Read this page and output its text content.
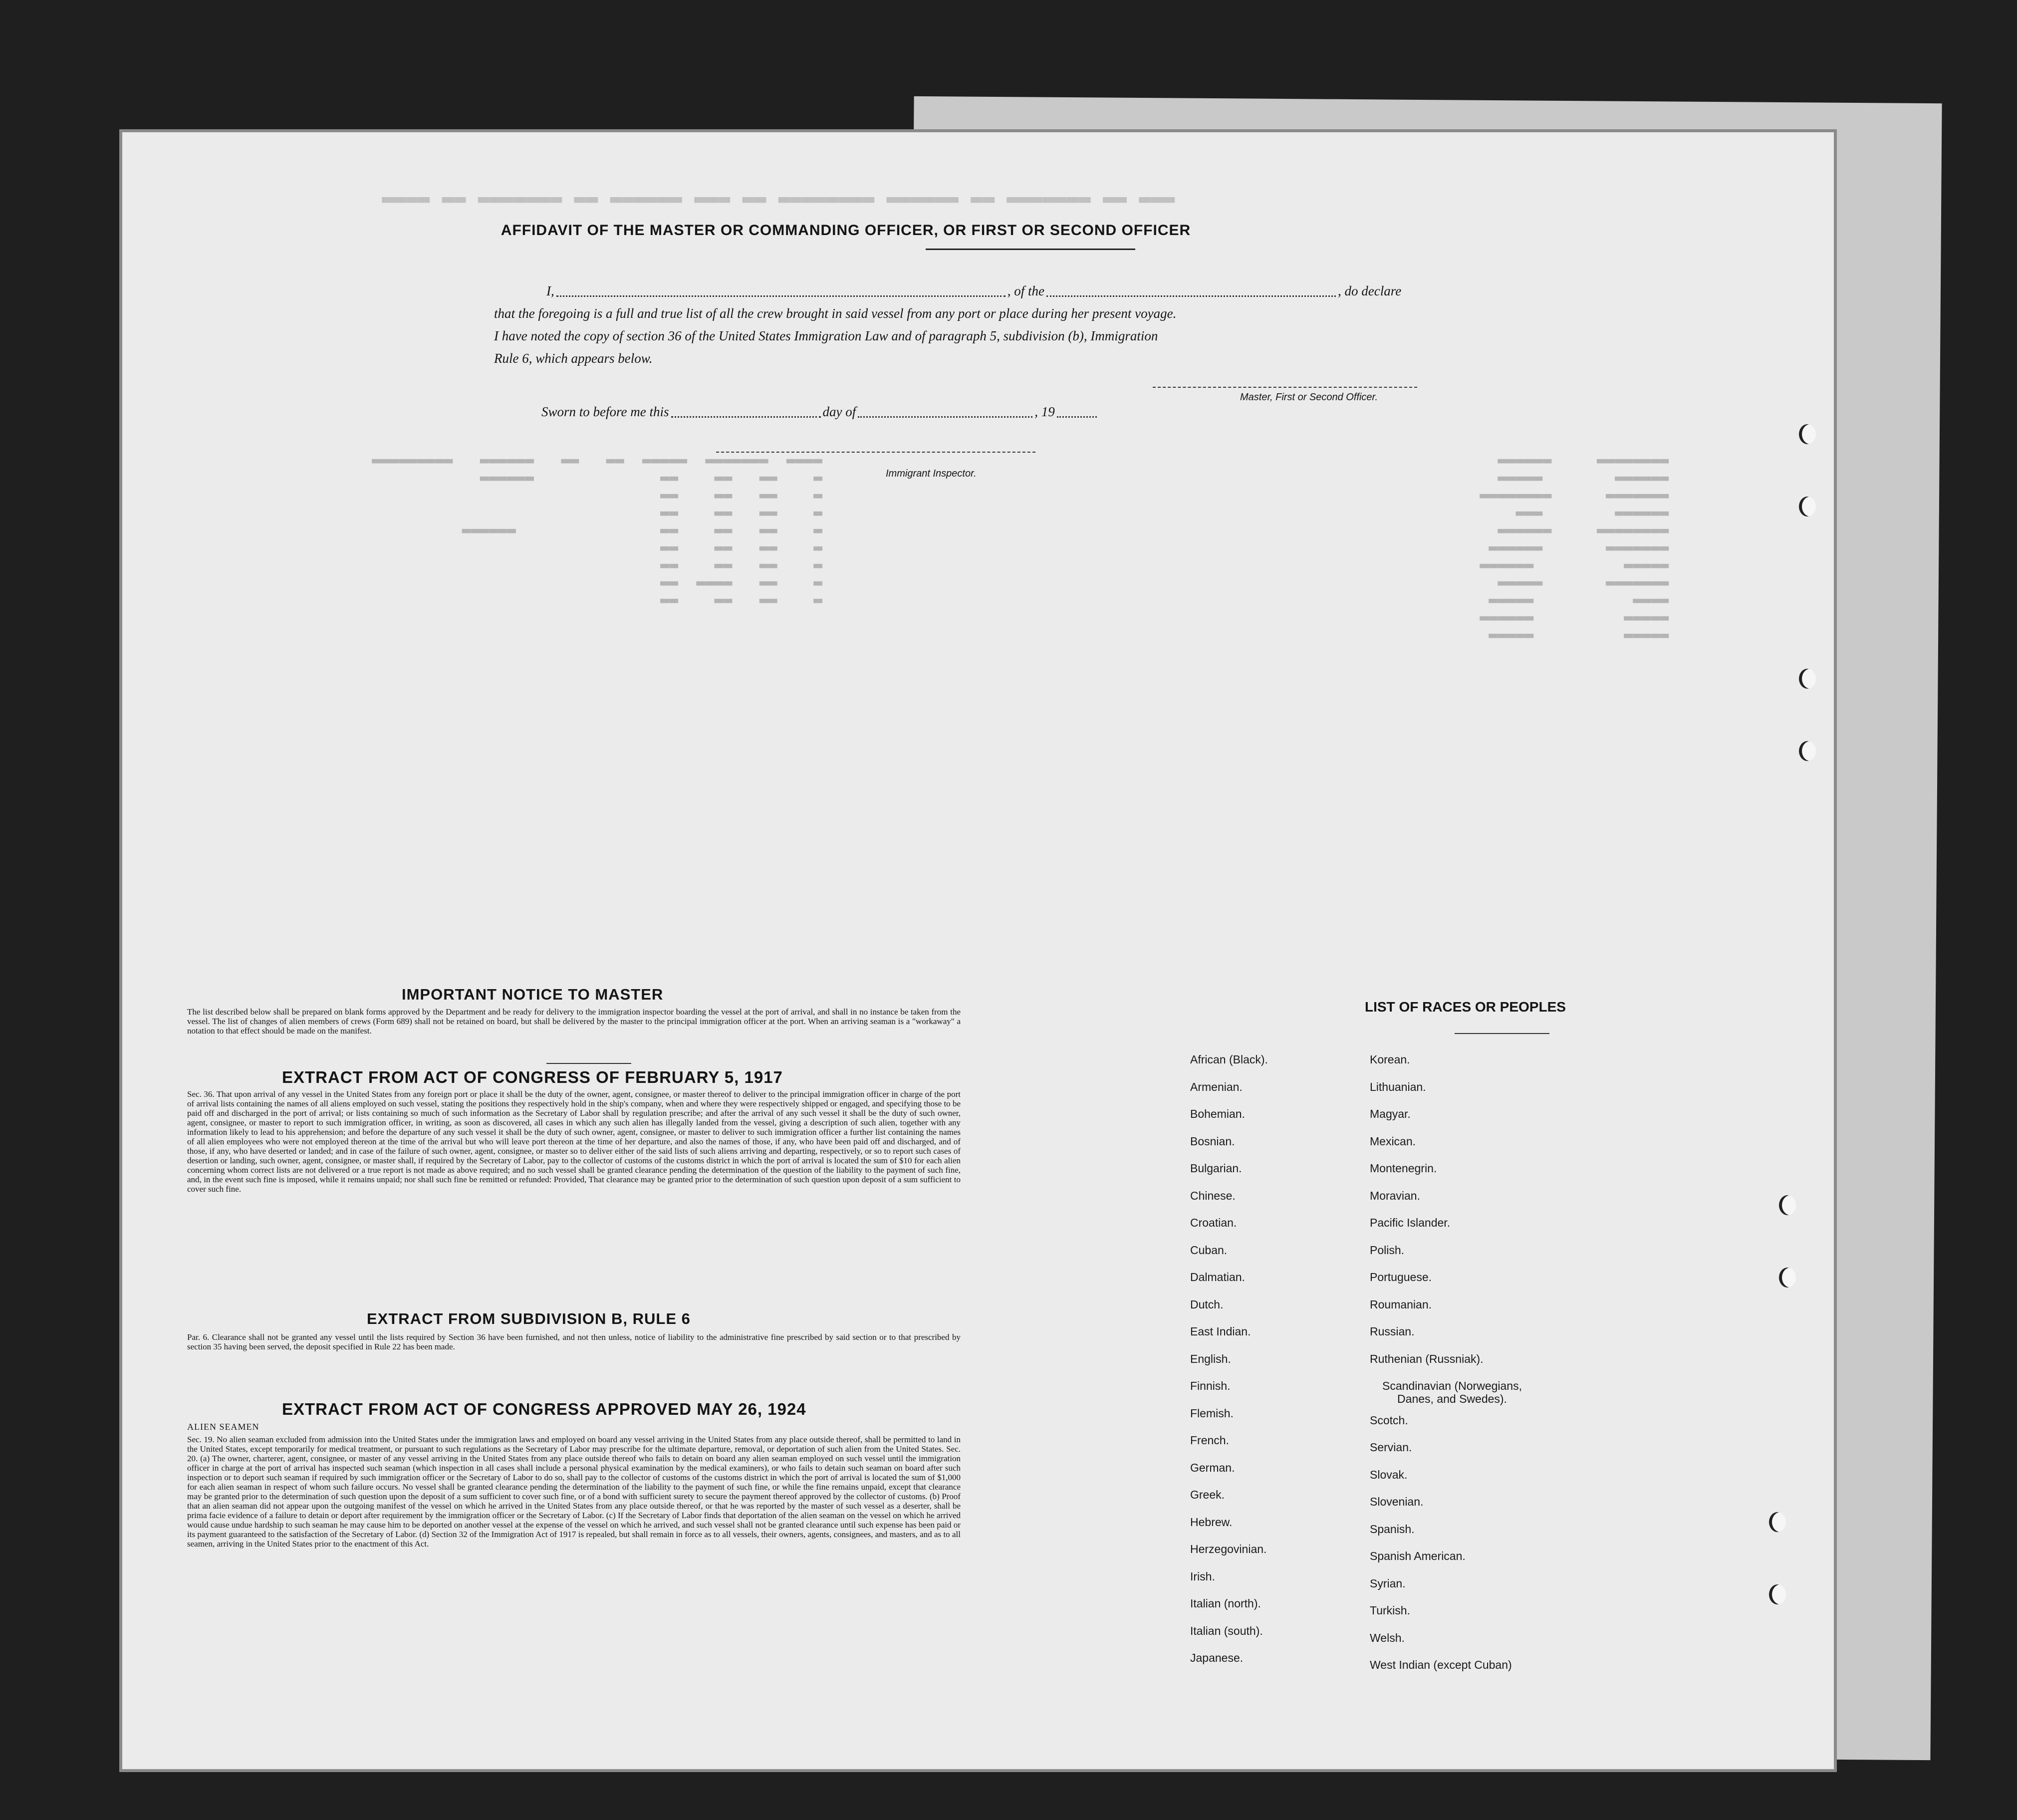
▬▬▬ ▬▬ ▬▬▬▬▬▬▬ ▬▬ ▬▬▬▬▬▬ ▬▬▬▬▬▬▬▬ ▬▬ ▬▬▬ ▬▬▬▬▬▬ ▬▬ ▬▬▬▬▬▬▬ ▬▬ ▬▬▬▬
▬▬▬▬  ▬▬▬▬▬▬▬  ▬▬▬▬▬  ▬▬   ▬▬   ▬▬▬▬▬▬   ▬▬▬▬▬▬▬▬▬
▬    ▬▬   ▬▬    ▬▬              ▬▬▬▬▬▬
▬    ▬▬   ▬▬    ▬▬
▬    ▬▬   ▬▬    ▬▬
▬    ▬▬   ▬▬    ▬▬                ▬▬▬▬▬▬
▬    ▬▬   ▬▬    ▬▬
▬    ▬▬   ▬▬    ▬▬
▬    ▬▬   ▬▬▬▬  ▬▬
▬    ▬▬   ▬▬    ▬▬
▬▬▬▬▬▬▬▬     ▬▬▬▬▬▬
▬▬▬▬▬▬        ▬▬▬▬▬
▬▬▬▬▬▬▬      ▬▬▬▬▬▬▬▬
▬▬▬▬▬▬        ▬▬▬
▬▬▬▬▬▬▬▬     ▬▬▬▬▬▬
▬▬▬▬▬▬▬       ▬▬▬▬▬▬
▬▬▬▬▬          ▬▬▬▬▬▬
▬▬▬▬▬▬▬       ▬▬▬▬▬
▬▬▬▬           ▬▬▬▬▬
▬▬▬▬▬          ▬▬▬▬▬▬
▬▬▬▬▬          ▬▬▬▬▬
AFFIDAVIT OF THE MASTER OR COMMANDING OFFICER, OR FIRST OR SECOND OFFICER
I,	, of the	, do declare
that the foregoing is a full and true list of all the crew brought in said vessel from any port or place during her present voyage.
I have noted the copy of section 36 of the United States Immigration Law and of paragraph 5, subdivision (b), Immigration
Rule 6, which appears below.
Master, First or Second Officer.
Sworn to before me this	day of	, 19
Immigrant Inspector.
IMPORTANT NOTICE TO MASTER
The list described below shall be prepared on blank forms approved by the Department and be ready for delivery to the immigration inspector boarding the vessel at the port of arrival, and shall in no instance be taken from the vessel. The list of changes of alien members of crews (Form 689) shall not be retained on board, but shall be delivered by the master to the principal immigration officer at the port. When an arriving seaman is a "workaway" a notation to that effect should be made on the manifest.
EXTRACT FROM ACT OF CONGRESS OF FEBRUARY 5, 1917
Sec. 36. That upon arrival of any vessel in the United States from any foreign port or place it shall be the duty of the owner, agent, consignee, or master thereof to deliver to the principal immigration officer in charge of the port of arrival lists containing the names of all aliens employed on such vessel, stating the positions they respectively hold in the ship's company, when and where they were respectively shipped or engaged, and specifying those to be paid off and discharged in the port of arrival; or lists containing so much of such information as the Secretary of Labor shall by regulation prescribe; and after the arrival of any such vessel it shall be the duty of such owner, agent, consignee, or master to report to such immigration officer, in writing, as soon as discovered, all cases in which any such alien has illegally landed from the vessel, giving a description of such alien, together with any information likely to lead to his apprehension; and before the departure of any such vessel it shall be the duty of such owner, agent, consignee, or master to deliver to such immigration officer a further list containing the names of all alien employees who were not employed thereon at the time of the arrival but who will leave port thereon at the time of her departure, and also the names of those, if any, who have been paid off and discharged, and of those, if any, who have deserted or landed; and in case of the failure of such owner, agent, consignee, or master so to deliver either of the said lists of such aliens arriving and departing, respectively, or so to report such cases of desertion or landing, such owner, agent, consignee, or master shall, if required by the Secretary of Labor, pay to the collector of customs of the customs district in which the port of arrival is located the sum of $10 for each alien concerning whom correct lists are not delivered or a true report is not made as above required; and no such vessel shall be granted clearance pending the determination of the question of the liability to the payment of such fine, and, in the event such fine is imposed, while it remains unpaid; nor shall such fine be remitted or refunded: Provided, That clearance may be granted prior to the determination of such question upon deposit of a sum sufficient to cover such fine.
EXTRACT FROM SUBDIVISION B, RULE 6
Par. 6. Clearance shall not be granted any vessel until the lists required by Section 36 have been furnished, and not then unless, notice of liability to the administrative fine prescribed by said section or to that prescribed by section 35 having been served, the deposit specified in Rule 22 has been made.
EXTRACT FROM ACT OF CONGRESS APPROVED MAY 26, 1924
ALIEN SEAMEN
Sec. 19. No alien seaman excluded from admission into the United States under the immigration laws and employed on board any vessel arriving in the United States from any place outside thereof, shall be permitted to land in the United States, except temporarily for medical treatment, or pursuant to such regulations as the Secretary of Labor may prescribe for the ultimate departure, removal, or deportation of such alien from the United States. Sec. 20. (a) The owner, charterer, agent, consignee, or master of any vessel arriving in the United States from any place outside thereof who fails to detain on board any alien seaman employed on such vessel until the immigration officer in charge at the port of arrival has inspected such seaman (which inspection in all cases shall include a personal physical examination by the medical examiners), or who fails to detain such seaman on board after such inspection or to deport such seaman if required by such immigration officer or the Secretary of Labor to do so, shall pay to the collector of customs of the customs district in which the port of arrival is located the sum of $1,000 for each alien seaman in respect of whom such failure occurs. No vessel shall be granted clearance pending the determination of the liability to the payment of such fine, or while the fine remains unpaid, except that clearance may be granted prior to the determination of such question upon the deposit of a sum sufficient to cover such fine, or of a bond with sufficient surety to secure the payment thereof approved by the collector of customs. (b) Proof that an alien seaman did not appear upon the outgoing manifest of the vessel on which he arrived in the United States from any place outside thereof, or that he was reported by the master of such vessel as a deserter, shall be prima facie evidence of a failure to detain or deport after requirement by the immigration officer or the Secretary of Labor. (c) If the Secretary of Labor finds that deportation of the alien seaman on the vessel on which he arrived would cause undue hardship to such seaman he may cause him to be deported on another vessel at the expense of the vessel on which he arrived, and such vessel shall not be granted clearance until such expense has been paid or its payment guaranteed to the satisfaction of the Secretary of Labor. (d) Section 32 of the Immigration Act of 1917 is repealed, but shall remain in force as to all vessels, their owners, agents, consignees, and masters, and as to all seamen, arriving in the United States prior to the enactment of this Act.
LIST OF RACES OR PEOPLES
African (Black).
Armenian.
Bohemian.
Bosnian.
Bulgarian.
Chinese.
Croatian.
Cuban.
Dalmatian.
Dutch.
East Indian.
English.
Finnish.
Flemish.
French.
German.
Greek.
Hebrew.
Herzegovinian.
Irish.
Italian (north).
Italian (south).
Japanese.
Korean.
Lithuanian.
Magyar.
Mexican.
Montenegrin.
Moravian.
Pacific Islander.
Polish.
Portuguese.
Roumanian.
Russian.
Ruthenian (Russniak).
Scandinavian (Norwegians, Danes, and Swedes).
Scotch.
Servian.
Slovak.
Slovenian.
Spanish.
Spanish American.
Syrian.
Turkish.
Welsh.
West Indian (except Cuban)
